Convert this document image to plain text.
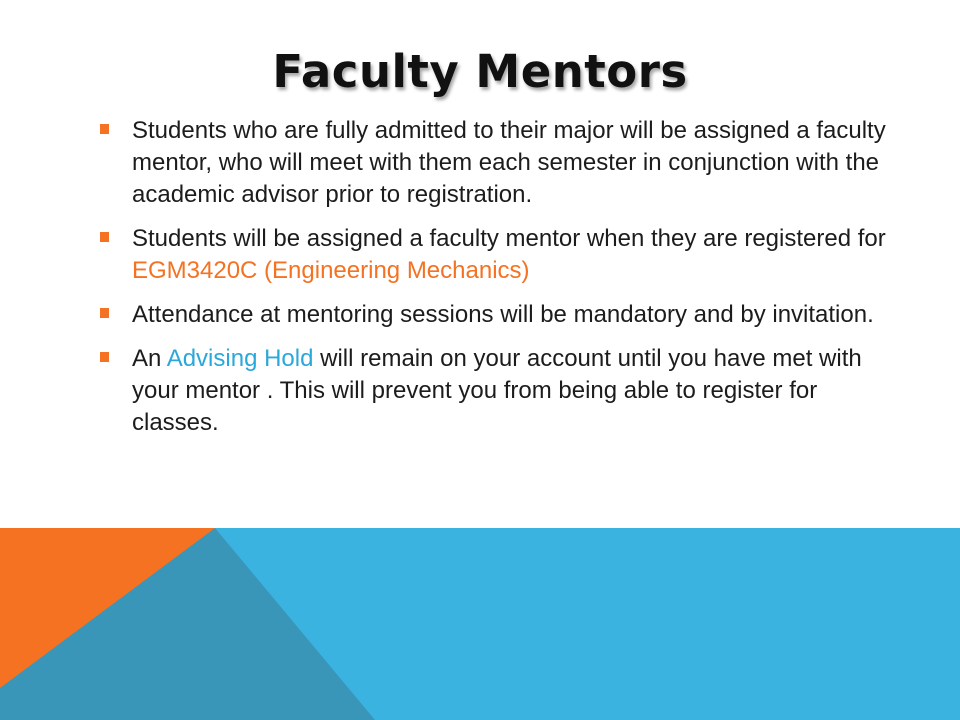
Faculty Mentors
Students who are fully admitted to their major will be assigned a faculty mentor, who will meet with them each semester in conjunction with the academic advisor prior to registration.
Students will be assigned a faculty mentor when they are registered for EGM3420C (Engineering Mechanics)
Attendance at mentoring sessions will be mandatory and by invitation.
An Advising Hold will remain on your account until you have met with your mentor . This will prevent you from being able to register for classes.
